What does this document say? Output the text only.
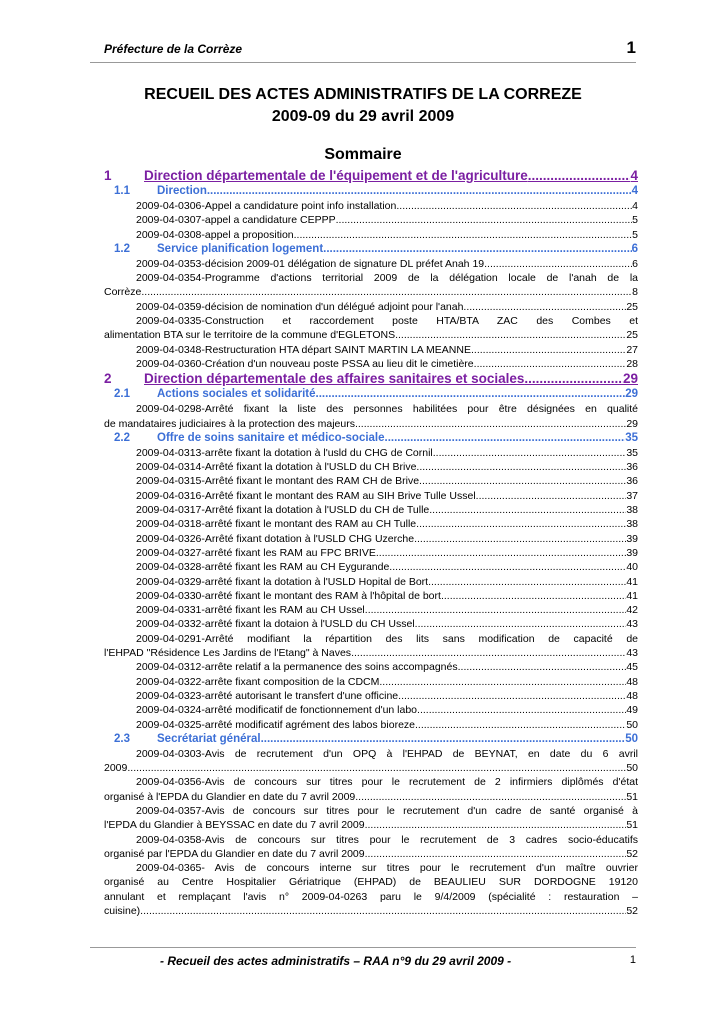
Préfecture de la Corrèze	1
RECUEIL DES ACTES ADMINISTRATIFS DE LA CORREZE
2009-09 du 29 avril 2009
Sommaire
1 Direction départementale de l'équipement et de l'agriculture .....	4
1.1 Direction .....	4
2009-04-0306-Appel a candidature point info installation .....	4
2009-04-0307-appel a candidature CEPPP .....	5
2009-04-0308-appel a proposition .....	5
1.2 Service planification logement .....	6
2009-04-0353-décision 2009-01 délégation de signature DL préfet Anah 19 .....	6
2009-04-0354-Programme d'actions territorial 2009 de la délégation locale de l'anah de la
Corrèze .....	8
2009-04-0359-décision de nomination d'un délégué adjoint pour l'anah. .....	25
2009-04-0335-Construction et raccordement poste HTA/BTA ZAC des Combes et
alimentation BTA sur le territoire de la commune d'EGLETONS .....	25
2009-04-0348-Restructuration HTA départ SAINT MARTIN LA MEANNE .....	27
2009-04-0360-Création d'un nouveau poste PSSA au lieu dit le cimetière. .....	28
2 Direction départementale des affaires sanitaires et sociales .....	29
2.1 Actions sociales et solidarité .....	29
2009-04-0298-Arrêté fixant la liste des personnes habilitées pour être désignées en qualité
de mandataires judiciaires à la protection des majeurs. .....	29
2.2 Offre de soins sanitaire et médico-sociale .....	35
2009-04-0313-arrête fixant la dotation à l'usld du CHG de Cornil .....	35
2009-04-0314-Arrêté fixant la dotation à l'USLD du CH Brive. .....	36
2009-04-0315-Arrêté fixant le montant des RAM CH de Brive. .....	36
2009-04-0316-Arrêté fixant le montant des RAM au SIH Brive Tulle Ussel. .....	37
2009-04-0317-Arrêté fixant la dotation à l'USLD du CH de Tulle .....	38
2009-04-0318-arrêté fixant le montant des RAM au CH Tulle .....	38
2009-04-0326-Arrêté fixant dotation à l'USLD CHG Uzerche .....	39
2009-04-0327-arrêté fixant les RAM au FPC BRIVE .....	39
2009-04-0328-arrêté fixant les RAM au CH Eygurande. .....	40
2009-04-0329-arrêté fixant la dotation à l'USLD Hopital de Bort .....	41
2009-04-0330-arrêté fixant le montant des RAM à l'hôpital de bort .....	41
2009-04-0331-arrêté fixant les RAM au CH Ussel .....	42
2009-04-0332-arrêté fixant la dotaion à l'USLD du CH Ussel .....	43
2009-04-0291-Arrêté modifiant la répartition des lits sans modification de capacité de
l'EHPAD "Résidence Les Jardins de l'Etang" à Naves .....	43
2009-04-0312-arrête relatif a la permanence des soins accompagnés .....	45
2009-04-0322-arrête fixant composition de la CDCM .....	48
2009-04-0323-arrêté autorisant le transfert d'une officine .....	48
2009-04-0324-arrêté modificatif de fonctionnement d'un labo .....	49
2009-04-0325-arrêté modificatif agrément des labos bioreze .....	50
2.3 Secrétariat général .....	50
2009-04-0303-Avis de recrutement d'un OPQ à l'EHPAD de BEYNAT, en date du 6 avril
2009 .....	50
2009-04-0356-Avis de concours sur titres pour le recrutement de 2 infirmiers diplômés d'état
organisé à l'EPDA du Glandier en date du 7 avril 2009 .....	51
2009-04-0357-Avis de concours sur titres pour le recrutement d'un cadre de santé organisé à
l'EPDA du Glandier à BEYSSAC en date du 7 avril 2009 .....	51
2009-04-0358-Avis de concours sur titres pour le recrutement de 3 cadres socio-éducatifs
organisé par l'EPDA du Glandier en date du 7 avril 2009. .....	52
2009-04-0365- Avis de concours interne sur titres pour le recrutement d'un maître ouvrier
organisé au Centre Hospitalier Gériatrique (EHPAD) de BEAULIEU SUR DORDOGNE 19120
annulant et remplaçant l'avis n° 2009-04-0263 paru le 9/4/2009 (spécialité : restauration –
cuisine). .....	52
- Recueil des actes administratifs – RAA n°9 du 29 avril 2009 -	1
